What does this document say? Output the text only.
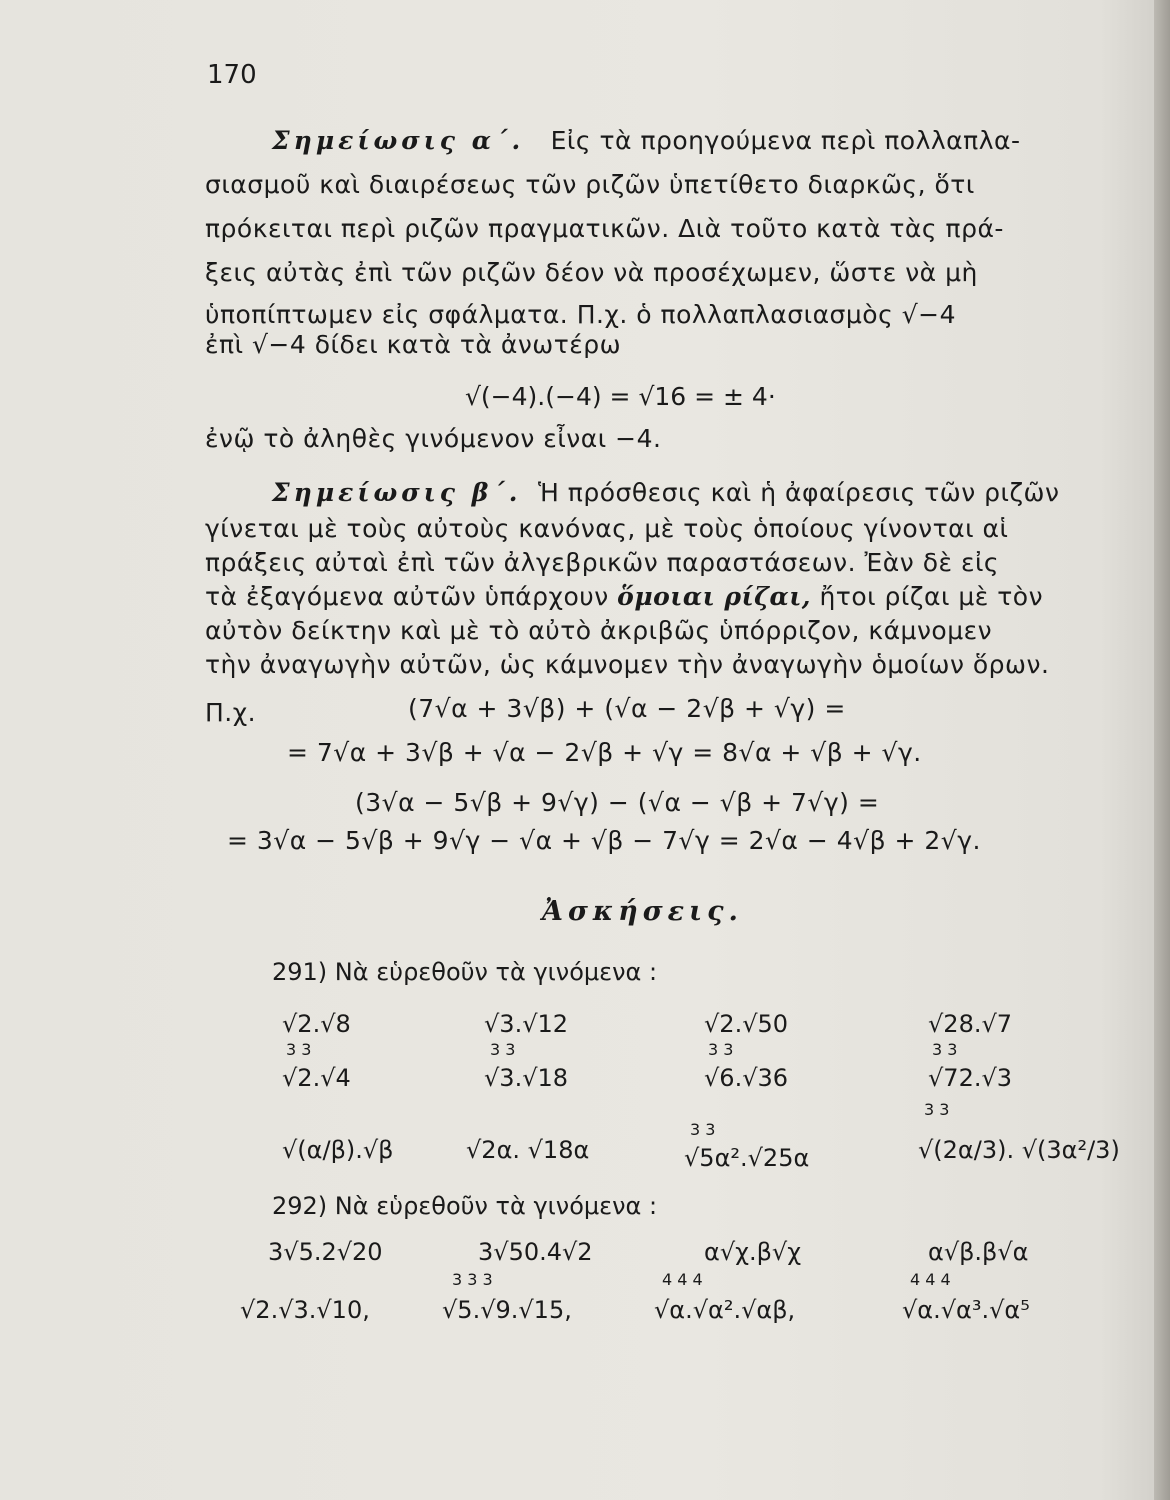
170
Σημείωσις α΄. Εἰς τὰ προηγούμενα περὶ πολλαπλα-
σιασμοῦ καὶ διαιρέσεως τῶν ριζῶν ὑπετίθετο διαρκῶς, ὅτι
πρόκειται περὶ ριζῶν πραγματικῶν. Διὰ τοῦτο κατὰ τὰς πρά-
ξεις αὐτὰς ἐπὶ τῶν ριζῶν δέον νὰ προσέχωμεν, ὥστε νὰ μὴ
ὑποπίπτωμεν εἰς σφάλματα. Π.χ. ὁ πολλαπλασιασμὸς √−4
ἐπὶ √−4 δίδει κατὰ τὰ ἀνωτέρω
√(−4).(−4) = √16 = ± 4·
ἐνῷ τὸ ἀληθὲς γινόμενον εἶναι −4.
Σημείωσις β΄. Ἡ πρόσθεσις καὶ ἡ ἀφαίρεσις τῶν ριζῶν
γίνεται μὲ τοὺς αὐτοὺς κανόνας, μὲ τοὺς ὁποίους γίνονται αἱ
πράξεις αὐταὶ ἐπὶ τῶν ἀλγεβρικῶν παραστάσεων. Ἐὰν δὲ εἰς
τὰ ἐξαγόμενα αὐτῶν ὑπάρχουν ὅμοιαι ρίζαι, ἤτοι ρίζαι μὲ τὸν
αὐτὸν δείκτην καὶ μὲ τὸ αὐτὸ ἀκριβῶς ὑπόρριζον, κάμνομεν
τὴν ἀναγωγὴν αὐτῶν, ὡς κάμνομεν τὴν ἀναγωγὴν ὁμοίων ὅρων.
Π.χ.	(7√α + 3√β) + (√α − 2√β + √γ) =
= 7√α + 3√β + √α − 2√β + √γ = 8√α + √β + √γ.
(3√α − 5√β + 9√γ) − (√α − √β + 7√γ) =
= 3√α − 5√β + 9√γ − √α + √β − 7√γ = 2√α − 4√β + 2√γ.
Ἀσκήσεις.
291) Νὰ εὑρεθοῦν τὰ γινόμενα :
√2.√8	√3.√12	√2.√50	√28.√7
3 3	3 3	3 3	3 3
√2.√4	√3.√18	√6.√36	√72.√3
3 3
3 3
√(α/β).√β	√2α. √18α	√5α².√25α	√(2α/3). √(3α²/3)
292) Νὰ εὑρεθοῦν τὰ γινόμενα :
3√5.2√20	3√50.4√2	α√χ.β√χ	α√β.β√α
3 3 3	4 4 4	4 4 4
√2.√3.√10,	√5.√9.√15,	√α.√α².√αβ,	√α.√α³.√α⁵
